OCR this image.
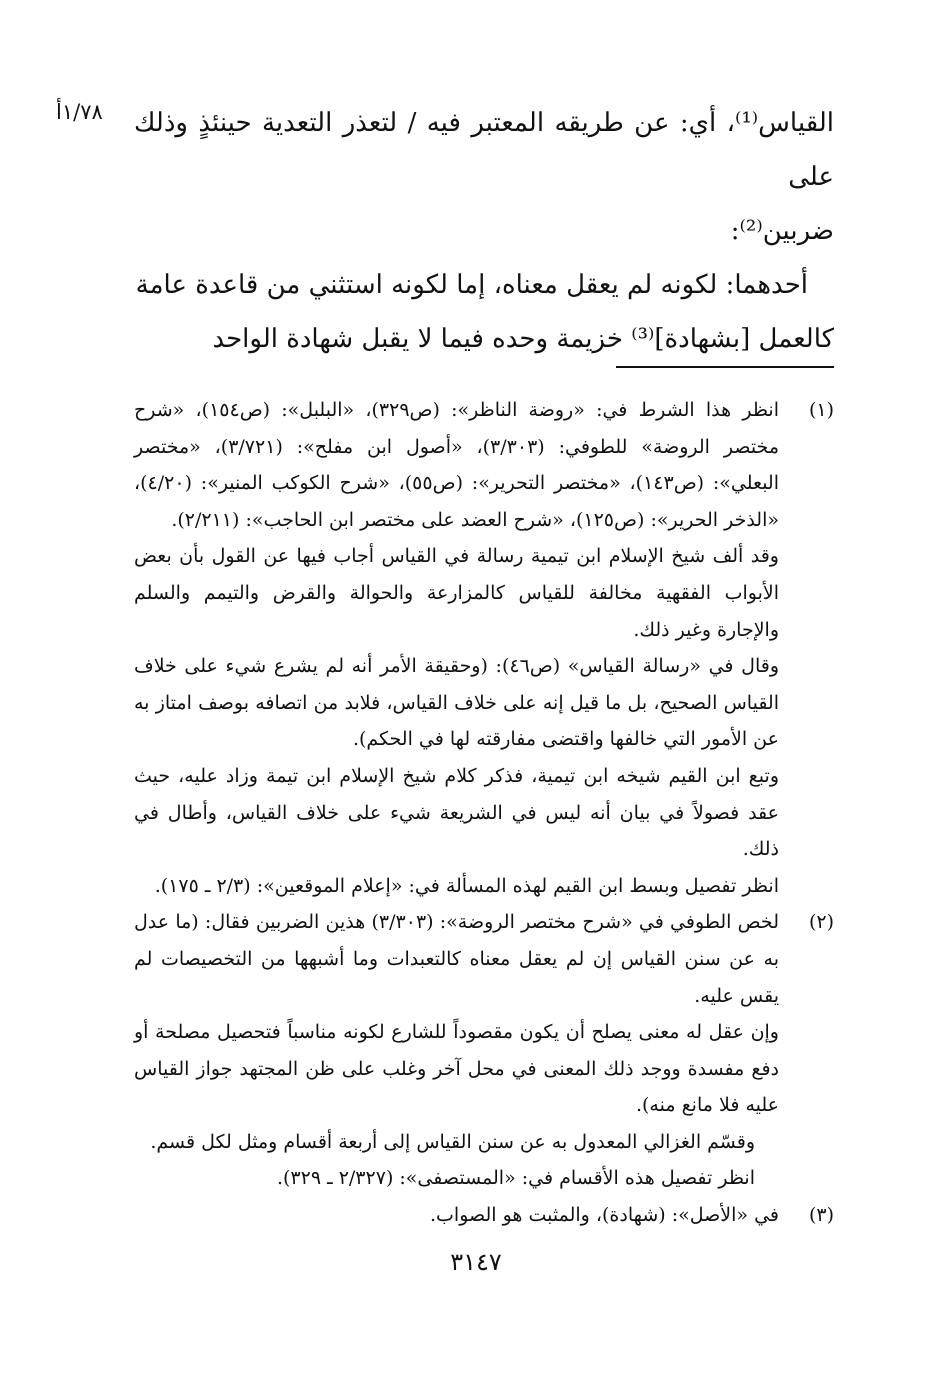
١/٧٨أ القياس⁽¹⁾، أي: عن طريقه المعتبر فيه / لتعذر التعدية حينئذٍ وذلك على

ضربين⁽²⁾:

أحدهما: لكونه لم يعقل معناه، إما لكونه استثني من قاعدة عامة

كالعمل [بشهادة]⁽³⁾ خزيمة وحده فيما لا يقبل شهادة الواحد

(١)

انظر هذا الشرط في: «روضة الناظر»: (ص٣٢٩)، «البلبل»: (ص١٥٤)، «شرح مختصر الروضة» للطوفي: (٣/٣٠٣)، «أصول ابن مفلح»: (٣/٧٢١)، «مختصر البعلي»: (ص١٤٣)، «مختصر التحرير»: (ص٥٥)، «شرح الكوكب المنير»: (٤/٢٠)، «الذخر الحرير»: (ص١٢٥)، «شرح العضد على مختصر ابن الحاجب»: (٢/٢١١).

وقد ألف شيخ الإسلام ابن تيمية رسالة في القياس أجاب فيها عن القول بأن بعض الأبواب الفقهية مخالفة للقياس كالمزارعة والحوالة والقرض والتيمم والسلم والإجارة وغير ذلك.

وقال في «رسالة القياس» (ص٤٦): (وحقيقة الأمر أنه لم يشرع شيء على خلاف القياس الصحيح، بل ما قيل إنه على خلاف القياس، فلابد من اتصافه بوصف امتاز به عن الأمور التي خالفها واقتضى مفارقته لها في الحكم).

وتبع ابن القيم شيخه ابن تيمية، فذكر كلام شيخ الإسلام ابن تيمة وزاد عليه، حيث عقد فصولاً في بيان أنه ليس في الشريعة شيء على خلاف القياس، وأطال في ذلك.

انظر تفصيل وبسط ابن القيم لهذه المسألة في: «إعلام الموقعين»: (٢/٣ ـ ١٧٥).

(٢)

لخص الطوفي في «شرح مختصر الروضة»: (٣/٣٠٣) هذين الضربين فقال: (ما عدل به عن سنن القياس إن لم يعقل معناه كالتعبدات وما أشبهها من التخصيصات لم يقس عليه.

وإن عقل له معنى يصلح أن يكون مقصوداً للشارع لكونه مناسباً فتحصيل مصلحة أو دفع مفسدة ووجد ذلك المعنى في محل آخر وغلب على ظن المجتهد جواز القياس عليه فلا مانع منه).

وقسّم الغزالي المعدول به عن سنن القياس إلى أربعة أقسام ومثل لكل قسم.

انظر تفصيل هذه الأقسام في: «المستصفى»: (٢/٣٢٧ ـ ٣٢٩).

(٣)

في «الأصل»: (شهادة)، والمثبت هو الصواب.

٣١٤٧
